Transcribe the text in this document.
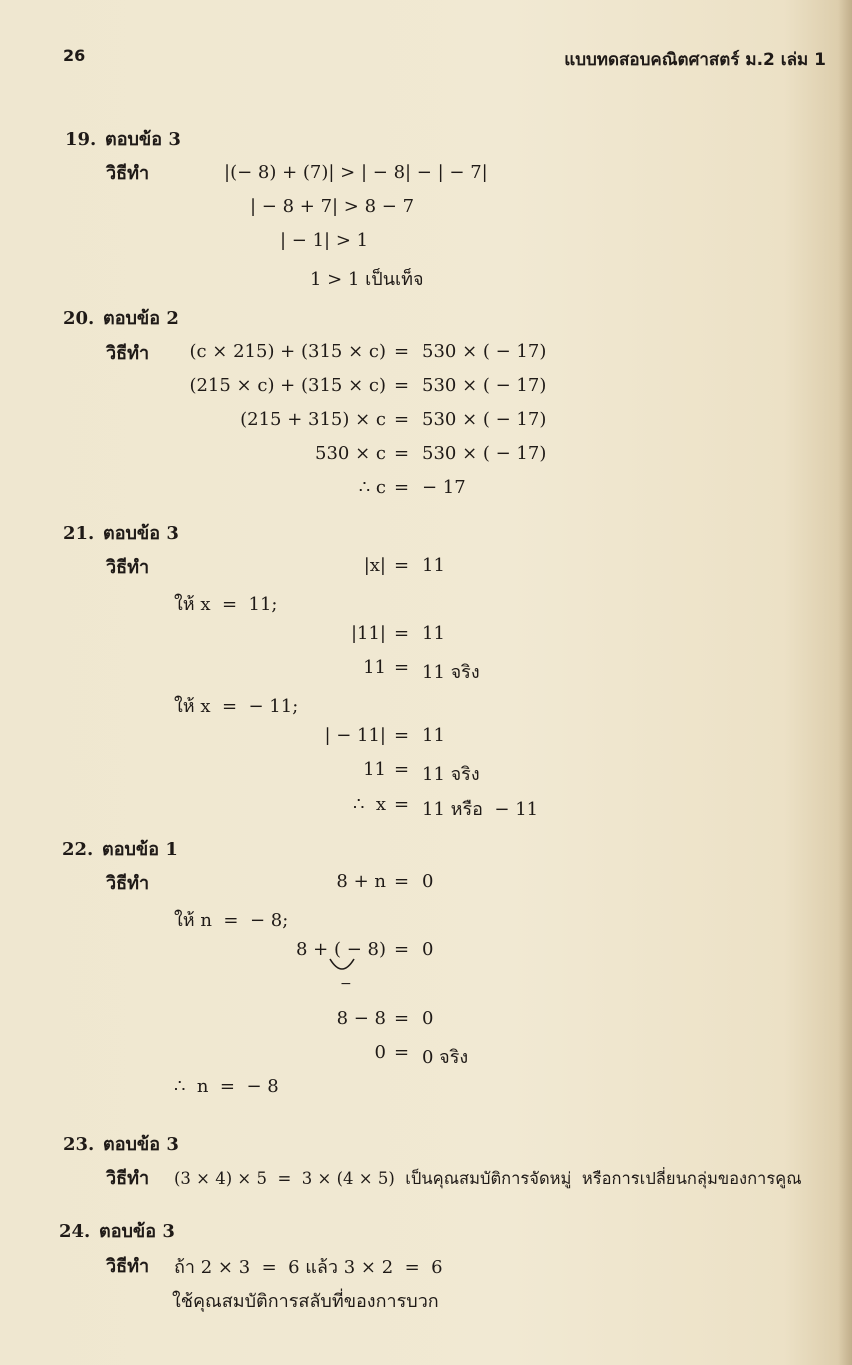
26	แบบทดสอบคณิตศาสตร์ ม.2 เล่ม 1
19. ตอบข้อ 3
วิธีทำ	|(− 8) + (7)| > | − 8| − | − 7|
| − 8 + 7| > 8 − 7
| − 1| > 1
1 > 1 เป็นเท็จ
20. ตอบข้อ 2
วิธีทำ	(c × 215) + (315 × c) = 530 × ( − 17)
(215 × c) + (315 × c) = 530 × ( − 17)
(215 + 315) × c = 530 × ( − 17)
530 × c = 530 × ( − 17)
∴ c = − 17
21. ตอบข้อ 3
วิธีทำ	|x| = 11
ให้ x  =  11;
|11| = 11
11 = 11 จริง
ให้ x  =  − 11;
| − 11| = 11
11 = 11 จริง
∴  x = 11 หรือ  − 11
22. ตอบข้อ 1
วิธีทำ	8 + n = 0
ให้ n  =  − 8;
8 + ( − 8) = 0
−
8 − 8 = 0
0 = 0 จริง
∴  n  =  − 8
23. ตอบข้อ 3
วิธีทำ (3 × 4) × 5  =  3 × (4 × 5)  เป็นคุณสมบัติการจัดหมู่  หรือการเปลี่ยนกลุ่มของการคูณ
24. ตอบข้อ 3
วิธีทำ ถ้า 2 × 3  =  6 แล้ว 3 × 2  =  6
ใช้คุณสมบัติการสลับที่ของการบวก
